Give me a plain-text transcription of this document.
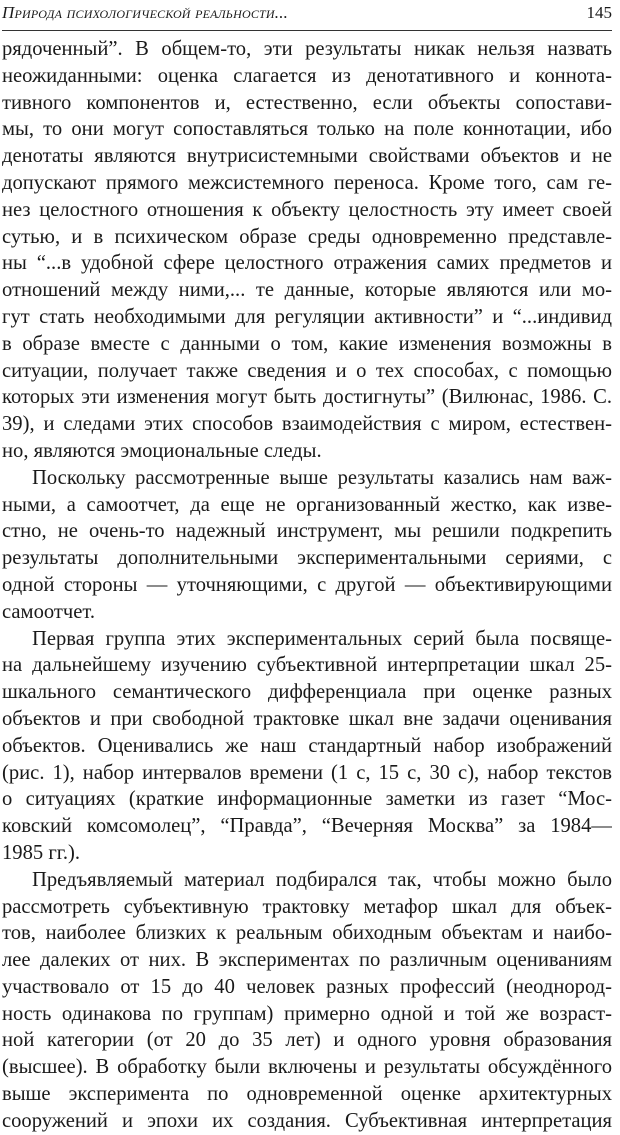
Природа психологической реальности...	145
рядоченный”. В общем-то, эти результаты никак нельзя назвать
неожиданными: оценка слагается из денотативного и коннота-
тивного компонентов и, естественно, если объекты сопостави-
мы, то они могут сопоставляться только на поле коннотации, ибо
денотаты являются внутрисистемными свойствами объектов и не
допускают прямого межсистемного переноса. Кроме того, сам ге-
нез целостного отношения к объекту целостность эту имеет своей
сутью, и в психическом образе среды одновременно представле-
ны “...в удобной сфере целостного отражения самих предметов и
отношений между ними,... те данные, которые являются или мо-
гут стать необходимыми для регуляции активности” и “...индивид
в образе вместе с данными о том, какие изменения возможны в
ситуации, получает также сведения и о тех способах, с помощью
которых эти изменения могут быть достигнуты” (Вилюнас, 1986. С.
39), и следами этих способов взаимодействия с миром, естествен-
но, являются эмоциональные следы.
Поскольку рассмотренные выше результаты казались нам важ-
ными, а самоотчет, да еще не организованный жестко, как изве-
стно, не очень-то надежный инструмент, мы решили подкрепить
результаты дополнительными экспериментальными сериями, с
одной стороны — уточняющими, с другой — объективирующими
самоотчет.
Первая группа этих экспериментальных серий была посвяще-
на дальнейшему изучению субъективной интерпретации шкал 25-
шкального семантического дифференциала при оценке разных
объектов и при свободной трактовке шкал вне задачи оценивания
объектов. Оценивались же наш стандартный набор изображений
(рис. 1), набор интервалов времени (1 с, 15 с, 30 с), набор текстов
о ситуациях (краткие информационные заметки из газет “Мос-
ковский комсомолец”, “Правда”, “Вечерняя Москва” за 1984—
1985 гг.).
Предъявляемый материал подбирался так, чтобы можно было
рассмотреть субъективную трактовку метафор шкал для объек-
тов, наиболее близких к реальным обиходным объектам и наибо-
лее далеких от них. В экспериментах по различным оцениваниям
участвовало от 15 до 40 человек разных профессий (неоднород-
ность одинакова по группам) примерно одной и той же возраст-
ной категории (от 20 до 35 лет) и одного уровня образования
(высшее). В обработку были включены и результаты обсуждённого
выше эксперимента по одновременной оценке архитектурных
сооружений и эпохи их создания. Субъективная интерпретация
